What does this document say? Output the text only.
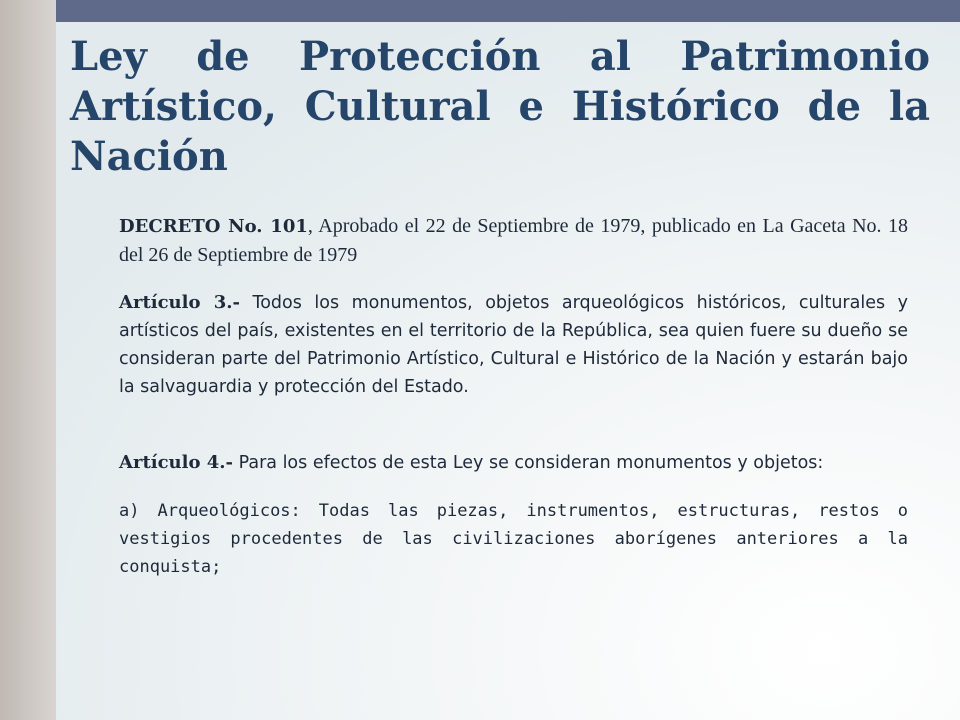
Ley de Protección al Patrimonio Artístico, Cultural e Histórico de la Nación

DECRETO No. 101, Aprobado el 22 de Septiembre de 1979, publicado en La Gaceta No. 18 del 26 de Septiembre de 1979

Artículo 3.- Todos los monumentos, objetos arqueológicos históricos, culturales y artísticos del país, existentes en el territorio de la República, sea quien fuere su dueño se consideran parte del Patrimonio Artístico, Cultural e Histórico de la Nación y estarán bajo la salvaguardia y protección del Estado.

Artículo 4.- Para los efectos de esta Ley se consideran monumentos y objetos:

a) Arqueológicos: Todas las piezas, instrumentos, estructuras, restos o vestigios procedentes de las civilizaciones aborígenes anteriores a la conquista;
